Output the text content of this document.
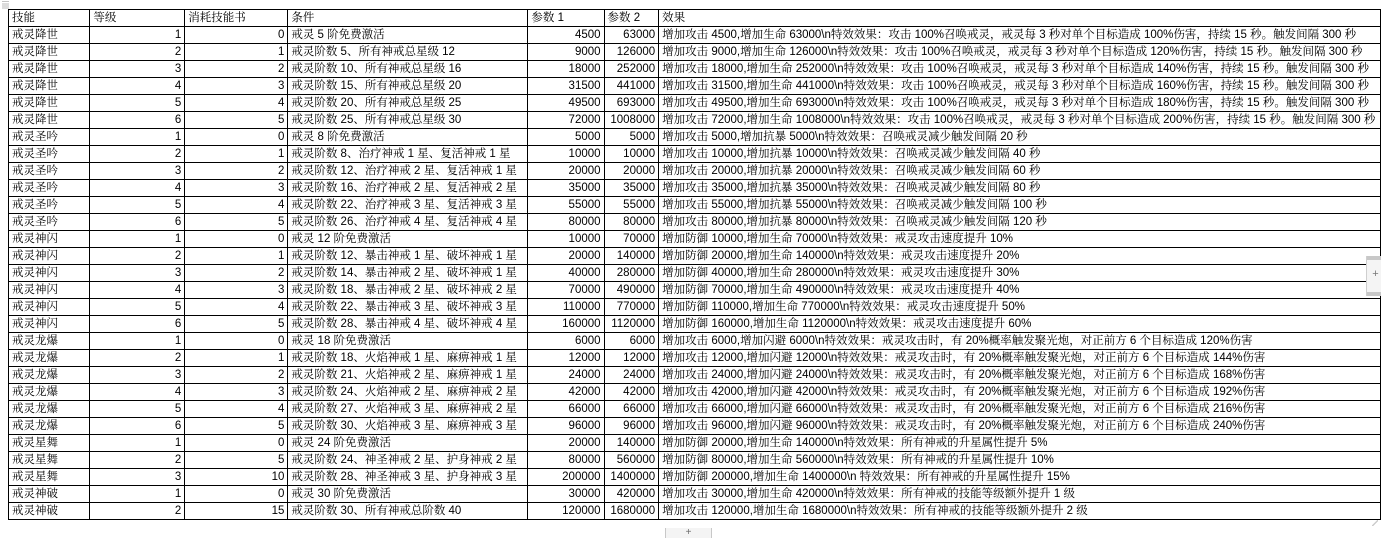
技能	等级	消耗技能书	条件	参数 1	参数 2	效果
戒灵降世	1	0	戒灵 5 阶免费激活	4500	63000	增加攻击 4500,增加生命 63000\n特效效果：攻击 100%召唤戒灵，戒灵每 3 秒对单个目标造成 100%伤害，持续 15 秒。触发间隔 300 秒
戒灵降世	2	1	戒灵阶数 5、所有神戒总星级 12	9000	126000	增加攻击 9000,增加生命 126000\n特效效果：攻击 100%召唤戒灵，戒灵每 3 秒对单个目标造成 120%伤害，持续 15 秒。触发间隔 300 秒
戒灵降世	3	2	戒灵阶数 10、所有神戒总星级 16	18000	252000	增加攻击 18000,增加生命 252000\n特效效果：攻击 100%召唤戒灵，戒灵每 3 秒对单个目标造成 140%伤害，持续 15 秒。触发间隔 300 秒
戒灵降世	4	3	戒灵阶数 15、所有神戒总星级 20	31500	441000	增加攻击 31500,增加生命 441000\n特效效果：攻击 100%召唤戒灵，戒灵每 3 秒对单个目标造成 160%伤害，持续 15 秒。触发间隔 300 秒
戒灵降世	5	4	戒灵阶数 20、所有神戒总星级 25	49500	693000	增加攻击 49500,增加生命 693000\n特效效果：攻击 100%召唤戒灵，戒灵每 3 秒对单个目标造成 180%伤害，持续 15 秒。触发间隔 300 秒
戒灵降世	6	5	戒灵阶数 25、所有神戒总星级 30	72000	1008000	增加攻击 72000,增加生命 1008000\n特效效果：攻击 100%召唤戒灵，戒灵每 3 秒对单个目标造成 200%伤害，持续 15 秒。触发间隔 300 秒
戒灵圣吟	1	0	戒灵 8 阶免费激活	5000	5000	增加攻击 5000,增加抗暴 5000\n特效效果：召唤戒灵减少触发间隔 20 秒
戒灵圣吟	2	1	戒灵阶数 8、治疗神戒 1 星、复活神戒 1 星	10000	10000	增加攻击 10000,增加抗暴 10000\n特效效果：召唤戒灵减少触发间隔 40 秒
戒灵圣吟	3	2	戒灵阶数 12、治疗神戒 2 星、复活神戒 1 星	20000	20000	增加攻击 20000,增加抗暴 20000\n特效效果：召唤戒灵减少触发间隔 60 秒
戒灵圣吟	4	3	戒灵阶数 16、治疗神戒 2 星、复活神戒 2 星	35000	35000	增加攻击 35000,增加抗暴 35000\n特效效果：召唤戒灵减少触发间隔 80 秒
戒灵圣吟	5	4	戒灵阶数 22、治疗神戒 3 星、复活神戒 3 星	55000	55000	增加攻击 55000,增加抗暴 55000\n特效效果：召唤戒灵减少触发间隔 100 秒
戒灵圣吟	6	5	戒灵阶数 26、治疗神戒 4 星、复活神戒 4 星	80000	80000	增加攻击 80000,增加抗暴 80000\n特效效果：召唤戒灵减少触发间隔 120 秒
戒灵神闪	1	0	戒灵 12 阶免费激活	10000	70000	增加防御 10000,增加生命 70000\n特效效果：戒灵攻击速度提升 10%
戒灵神闪	2	1	戒灵阶数 12、暴击神戒 1 星、破坏神戒 1 星	20000	140000	增加防御 20000,增加生命 140000\n特效效果：戒灵攻击速度提升 20%
戒灵神闪	3	2	戒灵阶数 14、暴击神戒 2 星、破坏神戒 1 星	40000	280000	增加防御 40000,增加生命 280000\n特效效果：戒灵攻击速度提升 30%
戒灵神闪	4	3	戒灵阶数 18、暴击神戒 2 星、破坏神戒 2 星	70000	490000	增加防御 70000,增加生命 490000\n特效效果：戒灵攻击速度提升 40%
戒灵神闪	5	4	戒灵阶数 22、暴击神戒 3 星、破坏神戒 3 星	110000	770000	增加防御 110000,增加生命 770000\n特效效果：戒灵攻击速度提升 50%
戒灵神闪	6	5	戒灵阶数 28、暴击神戒 4 星、破坏神戒 4 星	160000	1120000	增加防御 160000,增加生命 1120000\n特效效果：戒灵攻击速度提升 60%
戒灵龙爆	1	0	戒灵 18 阶免费激活	6000	6000	增加攻击 6000,增加闪避 6000\n特效效果：戒灵攻击时，有 20%概率触发聚光炮，对正前方 6 个目标造成 120%伤害
戒灵龙爆	2	1	戒灵阶数 18、火焰神戒 1 星、麻痹神戒 1 星	12000	12000	增加攻击 12000,增加闪避 12000\n特效效果：戒灵攻击时，有 20%概率触发聚光炮，对正前方 6 个目标造成 144%伤害
戒灵龙爆	3	2	戒灵阶数 21、火焰神戒 2 星、麻痹神戒 1 星	24000	24000	增加攻击 24000,增加闪避 24000\n特效效果：戒灵攻击时，有 20%概率触发聚光炮，对正前方 6 个目标造成 168%伤害
戒灵龙爆	4	3	戒灵阶数 24、火焰神戒 2 星、麻痹神戒 2 星	42000	42000	增加攻击 42000,增加闪避 42000\n特效效果：戒灵攻击时，有 20%概率触发聚光炮，对正前方 6 个目标造成 192%伤害
戒灵龙爆	5	4	戒灵阶数 27、火焰神戒 3 星、麻痹神戒 2 星	66000	66000	增加攻击 66000,增加闪避 66000\n特效效果：戒灵攻击时，有 20%概率触发聚光炮，对正前方 6 个目标造成 216%伤害
戒灵龙爆	6	5	戒灵阶数 30、火焰神戒 3 星、麻痹神戒 3 星	96000	96000	增加攻击 96000,增加闪避 96000\n特效效果：戒灵攻击时，有 20%概率触发聚光炮，对正前方 6 个目标造成 240%伤害
戒灵星舞	1	0	戒灵 24 阶免费激活	20000	140000	增加防御 20000,增加生命 140000\n特效效果：所有神戒的升星属性提升 5%
戒灵星舞	2	5	戒灵阶数 24、神圣神戒 2 星、护身神戒 2 星	80000	560000	增加防御 80000,增加生命 560000\n特效效果：所有神戒的升星属性提升 10%
戒灵星舞	3	10	戒灵阶数 28、神圣神戒 3 星、护身神戒 3 星	200000	1400000	增加防御 200000,增加生命 1400000\n 特效效果：所有神戒的升星属性提升 15%
戒灵神破	1	0	戒灵 30 阶免费激活	30000	420000	增加攻击 30000,增加生命 420000\n特效效果：所有神戒的技能等级额外提升 1 级
戒灵神破	2	15	戒灵阶数 30、所有神戒总阶数 40	120000	1680000	增加攻击 120000,增加生命 1680000\n特效效果：所有神戒的技能等级额外提升 2 级
+
+
